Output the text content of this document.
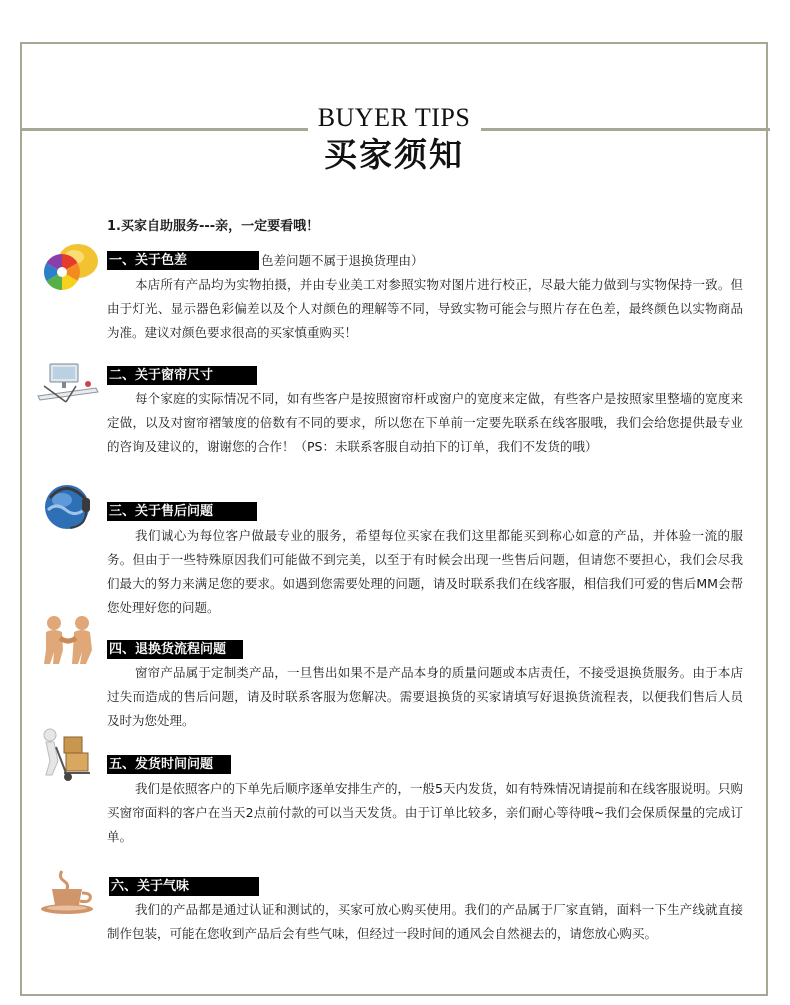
BUYER TIPS
买家须知
1.买家自助服务---亲，一定要看哦！
一、关于色差	色差问题不属于退换货理由）
本店所有产品均为实物拍摄，并由专业美工对参照实物对图片进行校正，尽最大能力做到与实物保持一致。但由于灯光、显示器色彩偏差以及个人对颜色的理解等不同，导致实物可能会与照片存在色差，最终颜色以实物商品为准。建议对颜色要求很高的买家慎重购买！
二、关于窗帘尺寸
每个家庭的实际情况不同，如有些客户是按照窗帘杆或窗户的宽度来定做，有些客户是按照家里整墙的宽度来定做，以及对窗帘褶皱度的倍数有不同的要求，所以您在下单前一定要先联系在线客服哦，我们会给您提供最专业的咨询及建议的，谢谢您的合作！（PS：未联系客服自动拍下的订单，我们不发货的哦）
三、关于售后问题
我们诚心为每位客户做最专业的服务，希望每位买家在我们这里都能买到称心如意的产品，并体验一流的服务。但由于一些特殊原因我们可能做不到完美，以至于有时候会出现一些售后问题，但请您不要担心，我们会尽我们最大的努力来满足您的要求。如遇到您需要处理的问题，请及时联系我们在线客服，相信我们可爱的售后MM会帮您处理好您的问题。
四、退换货流程问题
窗帘产品属于定制类产品，一旦售出如果不是产品本身的质量问题或本店责任，不接受退换货服务。由于本店过失而造成的售后问题，请及时联系客服为您解决。需要退换货的买家请填写好退换货流程表，以便我们售后人员及时为您处理。
五、发货时间问题
我们是依照客户的下单先后顺序逐单安排生产的，一般5天内发货，如有特殊情况请提前和在线客服说明。只购买窗帘面料的客户在当天2点前付款的可以当天发货。由于订单比较多，亲们耐心等待哦~我们会保质保量的完成订单。
六、关于气味
我们的产品都是通过认证和测试的，买家可放心购买使用。我们的产品属于厂家直销，面料一下生产线就直接制作包装，可能在您收到产品后会有些气味，但经过一段时间的通风会自然褪去的，请您放心购买。
